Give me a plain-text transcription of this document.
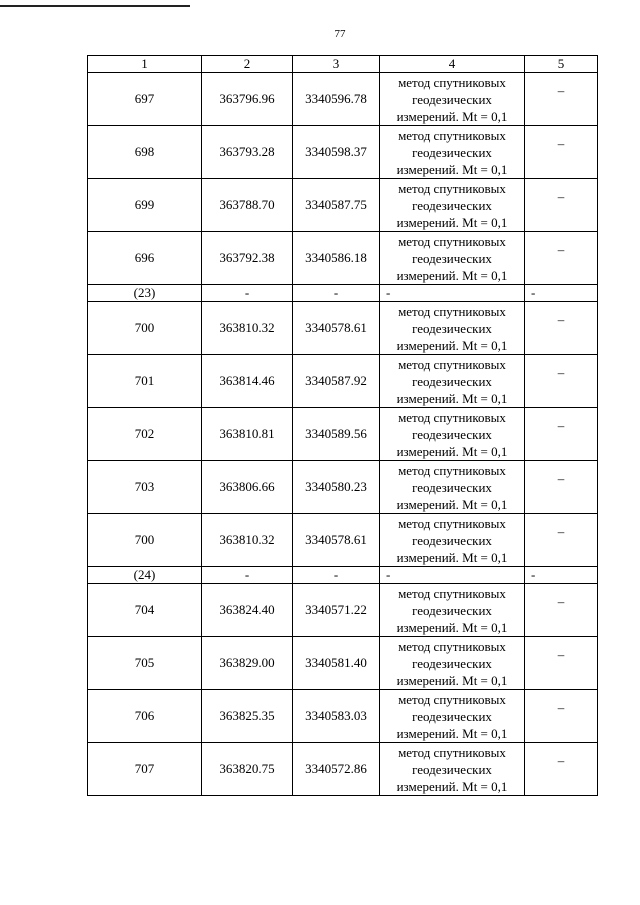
77
1	2	3	4	5
697	363796.96	3340596.78	метод спутниковых
геодезических
измерений. Mt = 0,1	–
698	363793.28	3340598.37	метод спутниковых
геодезических
измерений. Mt = 0,1	–
699	363788.70	3340587.75	метод спутниковых
геодезических
измерений. Mt = 0,1	–
696	363792.38	3340586.18	метод спутниковых
геодезических
измерений. Mt = 0,1	–
(23)	-	-	-	-
700	363810.32	3340578.61	метод спутниковых
геодезических
измерений. Mt = 0,1	–
701	363814.46	3340587.92	метод спутниковых
геодезических
измерений. Mt = 0,1	–
702	363810.81	3340589.56	метод спутниковых
геодезических
измерений. Mt = 0,1	–
703	363806.66	3340580.23	метод спутниковых
геодезических
измерений. Mt = 0,1	–
700	363810.32	3340578.61	метод спутниковых
геодезических
измерений. Mt = 0,1	–
(24)	-	-	-	-
704	363824.40	3340571.22	метод спутниковых
геодезических
измерений. Mt = 0,1	–
705	363829.00	3340581.40	метод спутниковых
геодезических
измерений. Mt = 0,1	–
706	363825.35	3340583.03	метод спутниковых
геодезических
измерений. Mt = 0,1	–
707	363820.75	3340572.86	метод спутниковых
геодезических
измерений. Mt = 0,1	–
